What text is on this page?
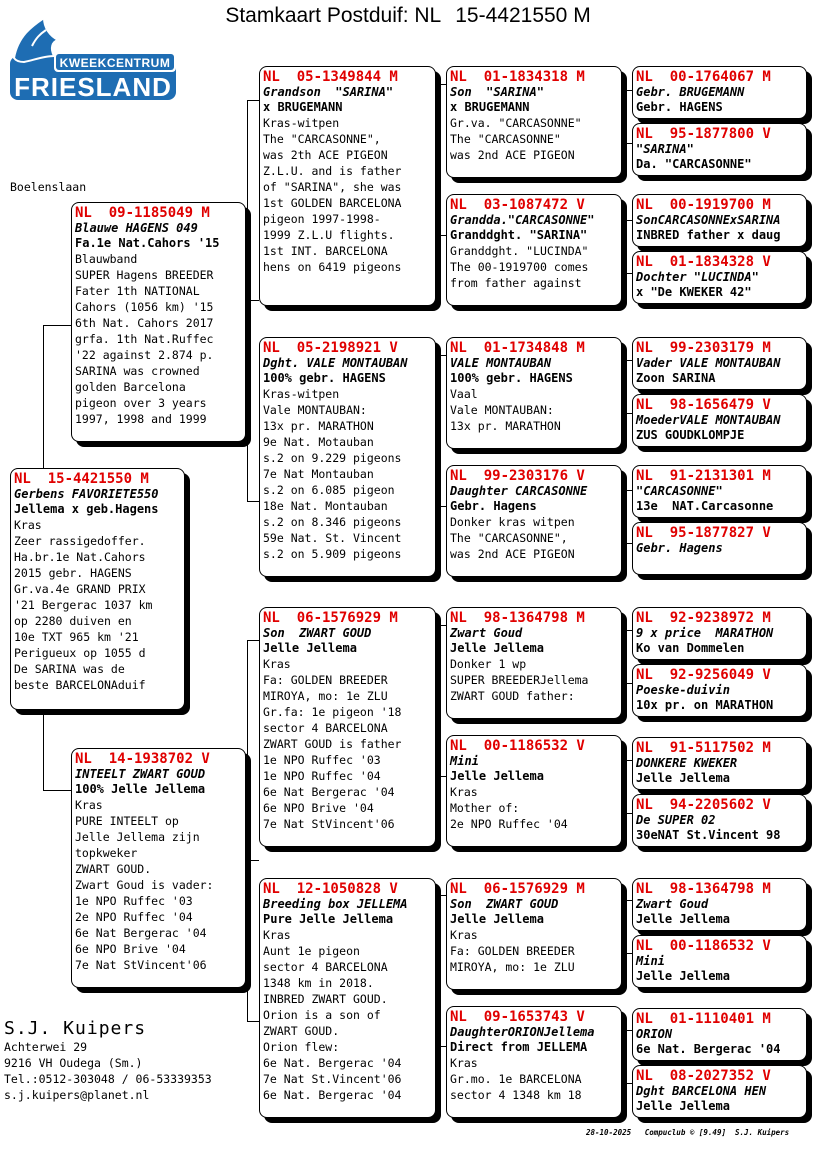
Stamkaart Postduif: NL 15-4421550 M
KWEEKCENTRUM
FRIESLAND
Boelenslaan
NL  15-4421550 M
Gerbens FAVORIETE550
Jellema x geb.Hagens
Kras
Zeer rassigedoffer.
Ha.br.1e Nat.Cahors
2015 gebr. HAGENS
Gr.va.4e GRAND PRIX
'21 Bergerac 1037 km
op 2280 duiven en
10e TXT 965 km '21
Perigueux op 1055 d
De SARINA was de
beste BARCELONAduif
NL  09-1185049 M
Blauwe HAGENS 049
Fa.1e Nat.Cahors '15
Blauwband
SUPER Hagens BREEDER
Fater 1th NATIONAL
Cahors (1056 km) '15
6th Nat. Cahors 2017
grfa. 1th Nat.Ruffec
'22 against 2.874 p.
SARINA was crowned
golden Barcelona
pigeon over 3 years
1997, 1998 and 1999
NL  14-1938702 V
INTEELT ZWART GOUD
100% Jelle Jellema
Kras
PURE INTEELT op
Jelle Jellema zijn
topkweker
ZWART GOUD.
Zwart Goud is vader:
1e NPO Ruffec '03
2e NPO Ruffec '04
6e Nat Bergerac '04
6e NPO Brive '04
7e Nat StVincent'06
NL  05-1349844 M
Grandson  "SARINA"
x BRUGEMANN
Kras-witpen
The "CARCASONNE",
was 2th ACE PIGEON
Z.L.U. and is father
of "SARINA", she was
1st GOLDEN BARCELONA
pigeon 1997-1998-
1999 Z.L.U flights.
1st INT. BARCELONA
hens on 6419 pigeons
NL  05-2198921 V
Dght. VALE MONTAUBAN
100% gebr. HAGENS
Kras-witpen
Vale MONTAUBAN:
13x pr. MARATHON
9e Nat. Motauban
s.2 on 9.229 pigeons
7e Nat Montauban
s.2 on 6.085 pigeon
18e Nat. Montauban
s.2 on 8.346 pigeons
59e Nat. St. Vincent
s.2 on 5.909 pigeons
NL  06-1576929 M
Son  ZWART GOUD
Jelle Jellema
Kras
Fa: GOLDEN BREEDER
MIROYA, mo: 1e ZLU
Gr.fa: 1e pigeon '18
sector 4 BARCELONA
ZWART GOUD is father
1e NPO Ruffec '03
1e NPO Ruffec '04
6e Nat Bergerac '04
6e NPO Brive '04
7e Nat StVincent'06
NL  12-1050828 V
Breeding box JELLEMA
Pure Jelle Jellema
Kras
Aunt 1e pigeon
sector 4 BARCELONA
1348 km in 2018.
INBRED ZWART GOUD.
Orion is a son of
ZWART GOUD.
Orion flew:
6e Nat. Bergerac '04
7e Nat St.Vincent'06
6e Nat. Bergerac '04
NL  01-1834318 M
Son  "SARINA"
x BRUGEMANN
Gr.va. "CARCASONNE"
The "CARCASONNE"
was 2nd ACE PIGEON
NL  03-1087472 V
Granddа."CARCASONNE"
Granddght. "SARINA"
Granddght. "LUCINDA"
The 00-1919700 comes
from father against
NL  01-1734848 M
VALE MONTAUBAN
100% gebr. HAGENS
Vaal
Vale MONTAUBAN:
13x pr. MARATHON
NL  99-2303176 V
Daughter CARCASONNE
Gebr. Hagens
Donker kras witpen
The "CARCASONNE",
was 2nd ACE PIGEON
NL  98-1364798 M
Zwart Goud
Jelle Jellema
Donker 1 wp
SUPER BREEDERJellema
ZWART GOUD father:
NL  00-1186532 V
Mini
Jelle Jellema
Kras
Mother of:
2e NPO Ruffec '04
NL  06-1576929 M
Son  ZWART GOUD
Jelle Jellema
Kras
Fa: GOLDEN BREEDER
MIROYA, mo: 1e ZLU
NL  09-1653743 V
DaughterORIONJellema
Direct from JELLEMA
Kras
Gr.mo. 1e BARCELONA
sector 4 1348 km 18
NL  00-1764067 M
Gebr. BRUGEMANN
Gebr. HAGENS
NL  95-1877800 V
"SARINA"
Da. "CARCASONNE"
NL  00-1919700 M
SonCARCASONNExSARINA
INBRED father x daug
NL  01-1834328 V
Dochter "LUCINDA"
x "De KWEKER 42"
NL  99-2303179 M
Vader VALE MONTAUBAN
Zoon SARINA
NL  98-1656479 V
MoederVALE MONTAUBAN
ZUS GOUDKLOMPJE
NL  91-2131301 M
"CARCASONNE"
13e  NAT.Carcasonne
NL  95-1877827 V
Gebr. Hagens
NL  92-9238972 M
9 x price  MARATHON
Ko van Dommelen
NL  92-9256049 V
Poeske-duivin
10x pr. on MARATHON
NL  91-5117502 M
DONKERE KWEKER
Jelle Jellema
NL  94-2205602 V
De SUPER 02
30eNAT St.Vincent 98
NL  98-1364798 M
Zwart Goud
Jelle Jellema
NL  00-1186532 V
Mini
Jelle Jellema
NL  01-1110401 M
ORION
6e Nat. Bergerac '04
NL  08-2027352 V
Dght BARCELONA HEN
Jelle Jellema
S.J. Kuipers
Achterwei 29
9216 VH Oudega (Sm.)
Tel.:0512-303048 / 06-53339353
s.j.kuipers@planet.nl
28-10-2025   Compuclub © [9.49]  S.J. Kuipers
